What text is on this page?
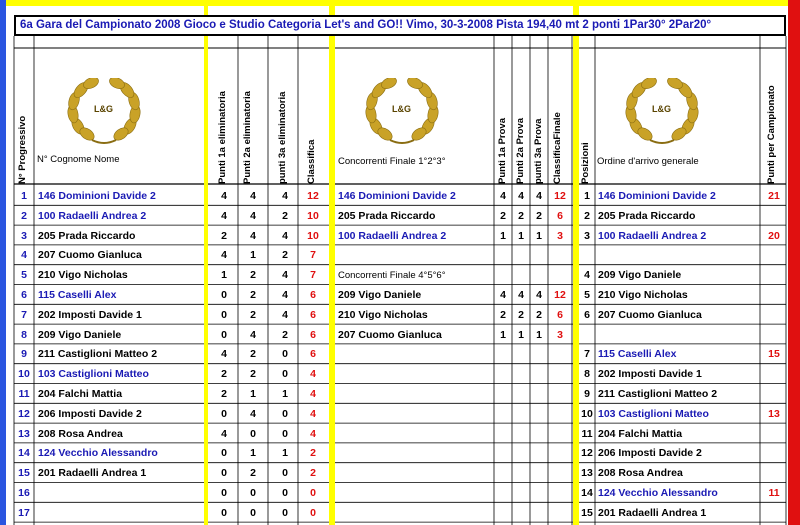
6a Gara del Campionato 2008 Gioco e Studio Categoria Let's and GO!! Vimo, 30-3-2008 Pista 194,40 mt 2 ponti 1Par30° 2Par20°
L&G	L&G	L&G
N° Progressivo N° Cognome Nome	Punti 1a eliminatoria Punti 2a eliminatoria	punti 3a eliminatoria Classifica Concorrenti Finale 1°2°3°	Punti 1a Prova Punti 2a Prova punti 3a Prova ClassificaFinale Posizioni Ordine d'arrivo generale	Punti per Campionato
Concorrenti Finale 4°5°6°
1	146 Dominioni Davide 2	4	4	4	12
2	100 Radaelli Andrea 2	4	4	2	10
3	205 Prada Riccardo	2	4	4	10
4	207 Cuomo Gianluca	4	1	2	7
5	210 Vigo Nicholas	1	2	4	7
6	115 Caselli Alex	0	2	4	6
7	202 Imposti Davide 1	0	2	4	6
8	209 Vigo Daniele	0	4	2	6
9	211 Castiglioni Matteo 2	4	2	0	6
10 103 Castiglioni Matteo	2	2	0	4
11 204 Falchi Mattia	2	1	1	4
12 206 Imposti Davide 2	0	4	0	4
13 208 Rosa Andrea	4	0	0	4
14 124 Vecchio Alessandro	0	1	1	2
15 201 Radaelli Andrea 1	0	2	0	2
16	0	0	0	0
17	0	0	0	0
146 Dominioni Davide 2	4	4	4	12
205 Prada Riccardo	2	2	2	6
100 Radaelli Andrea 2	1	1	1	3
209 Vigo Daniele	4	4	4	12
210 Vigo Nicholas	2	2	2	6
207 Cuomo Gianluca	1	1	1	3
1 146 Dominioni Davide 2	21
2 205 Prada Riccardo
3 100 Radaelli Andrea 2	20
4 209 Vigo Daniele
5 210 Vigo Nicholas
6 207 Cuomo Gianluca
7 115 Caselli Alex	15
8 202 Imposti Davide 1
9 211 Castiglioni Matteo 2
10 103 Castiglioni Matteo	13
11 204 Falchi Mattia
12 206 Imposti Davide 2
13 208 Rosa Andrea
14 124 Vecchio Alessandro	11
15 201 Radaelli Andrea 1
